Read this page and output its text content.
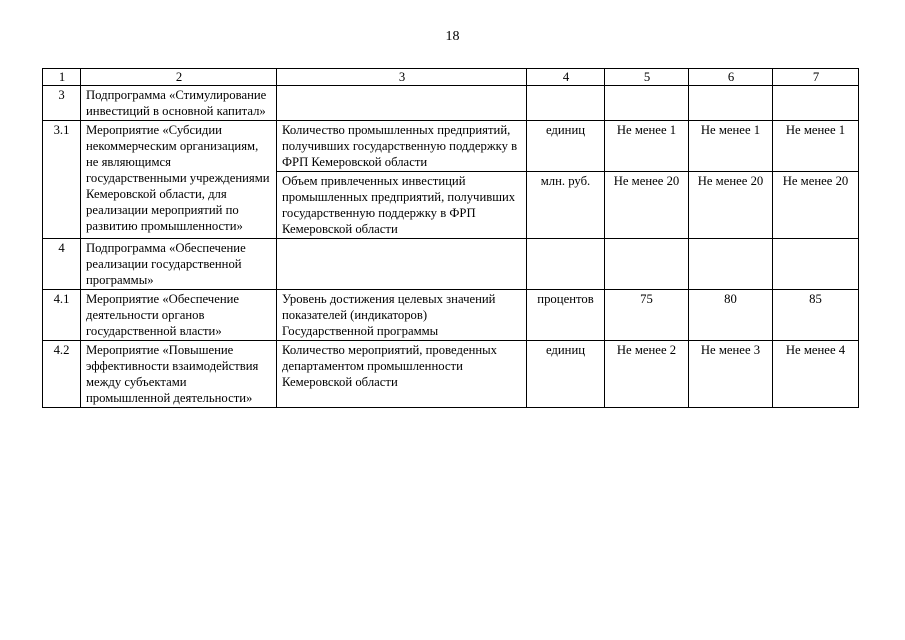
18
1	2	3	4	5	6	7
3	Подпрограмма «Стимулирование инвестиций в основной капитал»					
3.1	Мероприятие «Субсидии некоммерческим организациям, не являющимся государственными учреждениями Кемеровской области, для реализации мероприятий по развитию промышленности»	Количество промышленных предприятий, получивших государственную поддержку в ФРП Кемеровской области	единиц	Не менее 1	Не менее 1	Не менее 1
		Объем привлеченных инвестиций промышленных предприятий, получивших государственную поддержку в ФРП Кемеровской области	млн. руб.	Не менее 20	Не менее 20	Не менее 20
4	Подпрограмма «Обеспечение реализации государственной программы»					
4.1	Мероприятие «Обеспечение деятельности органов государственной власти»	Уровень достижения целевых значений показателей (индикаторов) Государственной программы	процентов	75	80	85
4.2	Мероприятие «Повышение эффективности взаимодействия между субъектами промышленной деятельности»	Количество мероприятий, проведенных департаментом промышленности Кемеровской области	единиц	Не менее 2	Не менее 3	Не менее 4
